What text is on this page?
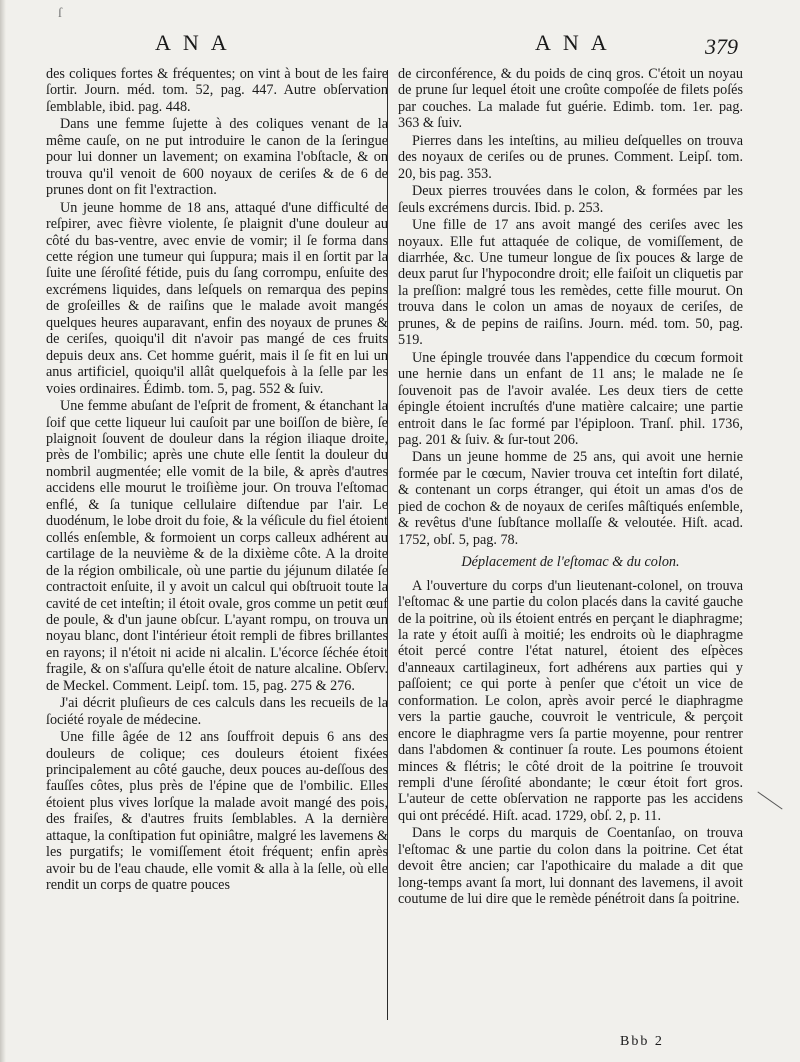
ſ
ANA	ANA	379

des coliques fortes & fréquentes; on vint à bout de les faire ſortir. Journ. méd. tom. 52, pag. 447. Autre obſervation ſemblable, ibid. pag. 448.

Dans une femme ſujette à des coliques venant de la même cauſe, on ne put introduire le canon de la ſeringue pour lui donner un lavement; on examina l'obſtacle, & on trouva qu'il venoit de 600 noyaux de ceriſes & de 6 de prunes dont on fit l'extraction.

Un jeune homme de 18 ans, attaqué d'une difficulté de reſpirer, avec fièvre violente, ſe plaignit d'une douleur au côté du bas-ventre, avec envie de vomir; il ſe forma dans cette région une tumeur qui ſuppura; mais il en ſortit par la ſuite une ſéroſité fétide, puis du ſang corrompu, enſuite des excrémens liquides, dans leſquels on remarqua des pepins de groſeilles & de raiſins que le malade avoit mangés quelques heures auparavant, enfin des noyaux de prunes & de ceriſes, quoiqu'il dit n'avoir pas mangé de ces fruits depuis deux ans. Cet homme guérit, mais il ſe fit en lui un anus artificiel, quoiqu'il allât quelquefois à la ſelle par les voies ordinaires. Édimb. tom. 5, pag. 552 & ſuiv.

Une femme abuſant de l'eſprit de froment, & étanchant la ſoif que cette liqueur lui cauſoit par une boiſſon de bière, ſe plaignoit ſouvent de douleur dans la région iliaque droite, près de l'ombilic; après une chute elle ſentit la douleur du nombril augmentée; elle vomit de la bile, & après d'autres accidens elle mourut le troiſième jour. On trouva l'eſtomac enflé, & ſa tunique cellulaire diſtendue par l'air. Le duodénum, le lobe droit du foie, & la véſicule du fiel étoient collés enſemble, & formoient un corps calleux adhérent au cartilage de la neuvième & de la dixième côte. A la droite de la région ombilicale, où une partie du jéjunum dilatée ſe contractoit enſuite, il y avoit un calcul qui obſtruoit toute la cavité de cet inteſtin; il étoit ovale, gros comme un petit œuf de poule, & d'un jaune obſcur. L'ayant rompu, on trouva un noyau blanc, dont l'intérieur étoit rempli de fibres brillantes en rayons; il n'étoit ni acide ni alcalin. L'écorce ſéchée étoit fragile, & on s'aſſura qu'elle étoit de nature alcaline. Obſerv. de Meckel. Comment. Leipſ. tom. 15, pag. 275 & 276.

J'ai décrit pluſieurs de ces calculs dans les recueils de la ſociété royale de médecine.

Une fille âgée de 12 ans ſouffroit depuis 6 ans des douleurs de colique; ces douleurs étoient fixées principalement au côté gauche, deux pouces au-deſſous des fauſſes côtes, plus près de l'épine que de l'ombilic. Elles étoient plus vives lorſque la malade avoit mangé des pois, des fraiſes, & d'autres fruits ſemblables. A la dernière attaque, la conſtipation fut opiniâtre, malgré les lavemens & les purgatifs; le vomiſſement étoit fréquent; enfin après avoir bu de l'eau chaude, elle vomit & alla à la ſelle, où elle rendit un corps de quatre pouces

de circonférence, & du poids de cinq gros. C'étoit un noyau de prune ſur lequel étoit une croûte compoſée de filets poſés par couches. La malade fut guérie. Edimb. tom. 1er. pag. 363 & ſuiv.

Pierres dans les inteſtins, au milieu deſquelles on trouva des noyaux de ceriſes ou de prunes. Comment. Leipſ. tom. 20, bis pag. 353.

Deux pierres trouvées dans le colon, & formées par les ſeuls excrémens durcis. Ibid. p. 253.

Une fille de 17 ans avoit mangé des ceriſes avec les noyaux. Elle fut attaquée de colique, de vomiſſement, de diarrhée, &c. Une tumeur longue de ſix pouces & large de deux parut ſur l'hypocondre droit; elle faiſoit un cliquetis par la preſſion: malgré tous les remèdes, cette fille mourut. On trouva dans le colon un amas de noyaux de ceriſes, de prunes, & de pepins de raiſins. Journ. méd. tom. 50, pag. 519.

Une épingle trouvée dans l'appendice du cœcum formoit une hernie dans un enfant de 11 ans; le malade ne ſe ſouvenoit pas de l'avoir avalée. Les deux tiers de cette épingle étoient incruſtés d'une matière calcaire; une partie entroit dans le ſac formé par l'épiploon. Tranſ. phil. 1736, pag. 201 & ſuiv. & ſur-tout 206.

Dans un jeune homme de 25 ans, qui avoit une hernie formée par le cœcum, Navier trouva cet inteſtin fort dilaté, & contenant un corps étranger, qui étoit un amas d'os de pied de cochon & de noyaux de ceriſes mâſtiqués enſemble, & revêtus d'une ſubſtance mollaſſe & veloutée. Hiſt. acad. 1752, obſ. 5, pag. 78.

Déplacement de l'eſtomac & du colon.

A l'ouverture du corps d'un lieutenant-colonel, on trouva l'eſtomac & une partie du colon placés dans la cavité gauche de la poitrine, où ils étoient entrés en perçant le diaphragme; la rate y étoit auſſi à moitié; les endroits où le diaphragme étoit percé contre l'état naturel, étoient des eſpèces d'anneaux cartilagineux, fort adhérens aux parties qui y paſſoient; ce qui porte à penſer que c'étoit un vice de conformation. Le colon, après avoir percé le diaphragme vers la partie gauche, couvroit le ventricule, & perçoit encore le diaphragme vers ſa partie moyenne, pour rentrer dans l'abdomen & continuer ſa route. Les poumons étoient minces & flétris; le côté droit de la poitrine ſe trouvoit rempli d'une ſéroſité abondante; le cœur étoit fort gros. L'auteur de cette obſervation ne rapporte pas les accidens qui ont précédé. Hiſt. acad. 1729, obſ. 2, p. 11.

Dans le corps du marquis de Coentanſao, on trouva l'eſtomac & une partie du colon dans la poitrine. Cet état devoit être ancien; car l'apothicaire du malade a dit que long-temps avant ſa mort, lui donnant des lavemens, il avoit coutume de lui dire que le remède pénétroit dans ſa poitrine.

Bbb 2
